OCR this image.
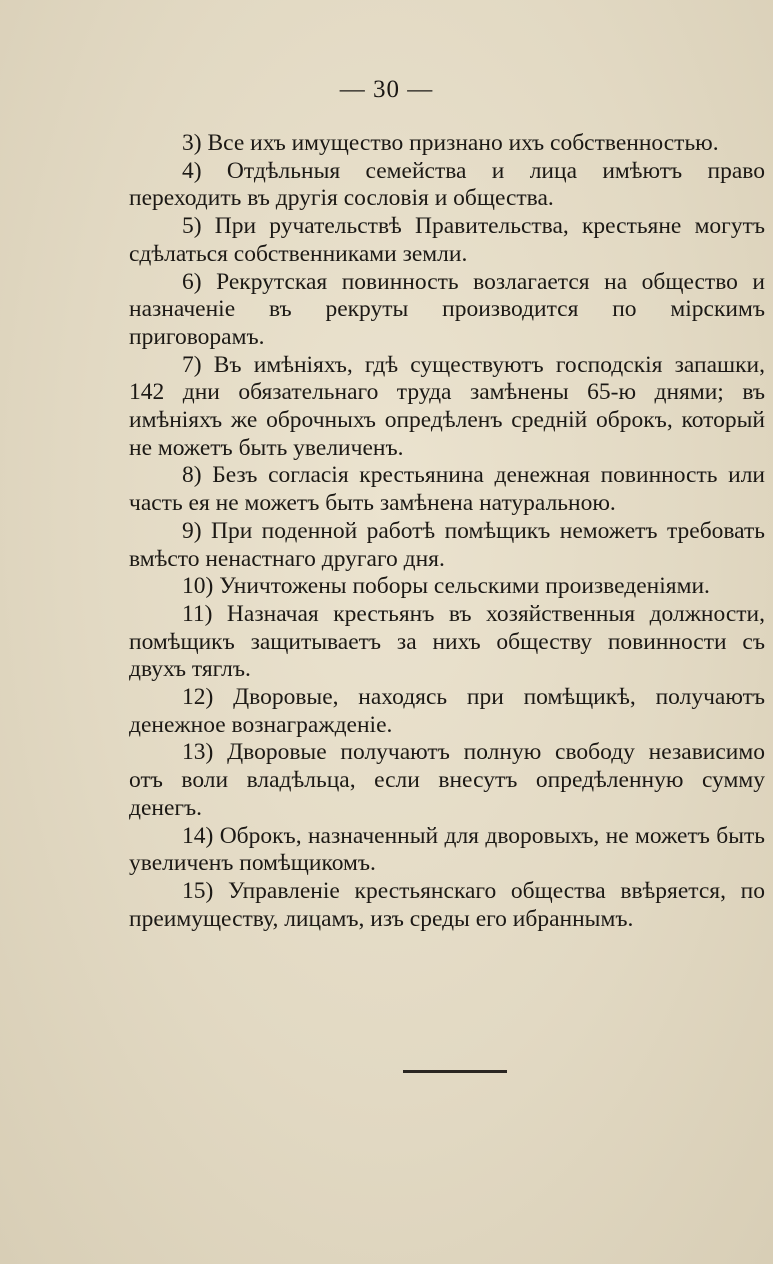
— 30 —

3) Все ихъ имущество признано ихъ собственностью.

4) Отдѣльныя семейства и лица имѣютъ право переходить въ другія сословія и общества.

5) При ручательствѣ Правительства, крестьяне могутъ сдѣлаться собственниками земли.

6) Рекрутская повинность возлагается на общество и назначеніе въ рекруты производится по мірскимъ приговорамъ.

7) Въ имѣніяхъ, гдѣ существуютъ господскія запашки, 142 дни обязательнаго труда замѣнены 65-ю днями; въ имѣніяхъ же оброчныхъ опредѣленъ средній оброкъ, который не можетъ быть увеличенъ.

8) Безъ согласія крестьянина денежная повинность или часть ея не можетъ быть замѣнена натуральною.

9) При поденной работѣ помѣщикъ неможетъ требовать вмѣсто ненастнаго другаго дня.

10) Уничтожены поборы сельскими произведеніями.

11) Назначая крестьянъ въ хозяйственныя должности, помѣщикъ защитываетъ за нихъ обществу повинности съ двухъ тяглъ.

12) Дворовые, находясь при помѣщикѣ, получаютъ денежное вознагражденіе.

13) Дворовые получаютъ полную свободу независимо отъ воли владѣльца, если внесутъ опредѣленную сумму денегъ.

14) Оброкъ, назначенный для дворовыхъ, не можетъ быть увеличенъ помѣщикомъ.

15) Управленіе крестьянскаго общества ввѣряется, по преимуществу, лицамъ, изъ среды его ибраннымъ.
